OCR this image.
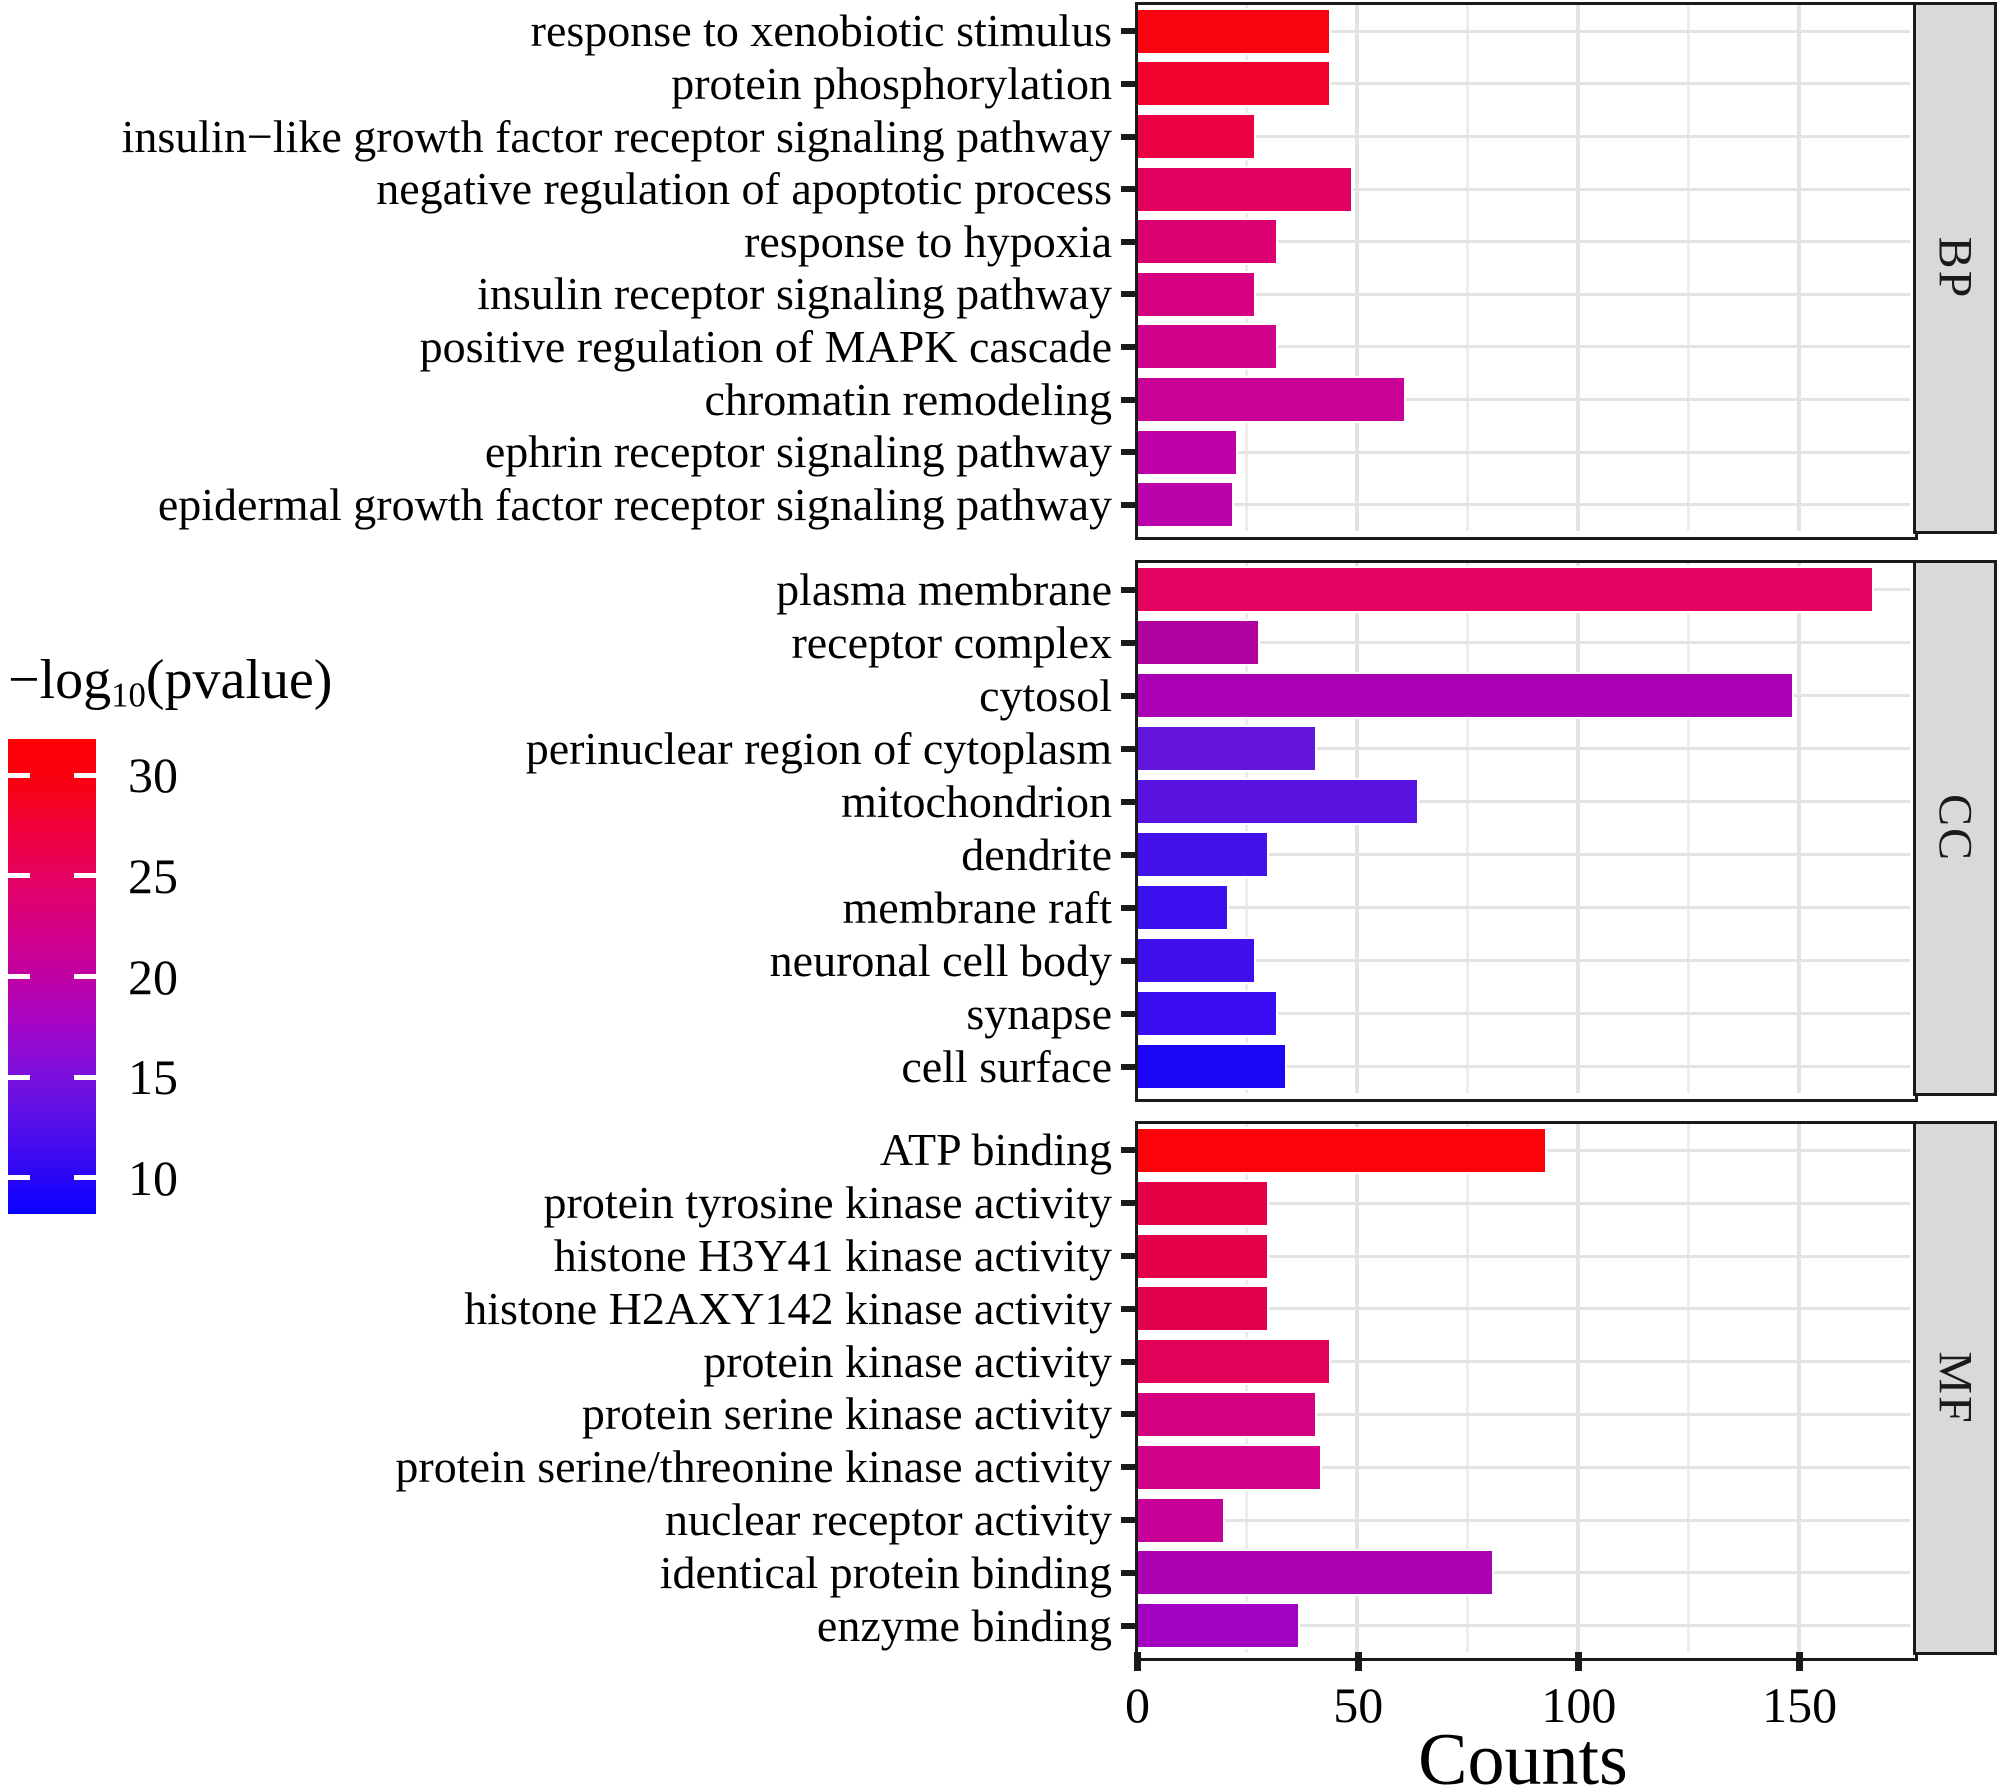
−log10(pvalue)
30
25
20
15
10
response to xenobiotic stimulus
protein phosphorylation
insulin−like growth factor receptor signaling pathway
negative regulation of apoptotic process
response to hypoxia
insulin receptor signaling pathway
positive regulation of MAPK cascade
chromatin remodeling
ephrin receptor signaling pathway
epidermal growth factor receptor signaling pathway
plasma membrane
receptor complex
cytosol
perinuclear region of cytoplasm
mitochondrion
dendrite
membrane raft
neuronal cell body
synapse
cell surface
ATP binding
protein tyrosine kinase activity
histone H3Y41 kinase activity
histone H2AXY142 kinase activity
protein kinase activity
protein serine kinase activity
protein serine/threonine kinase activity
nuclear receptor activity
identical protein binding
enzyme binding
BP
CC
MF
0	50	100	150
Counts
